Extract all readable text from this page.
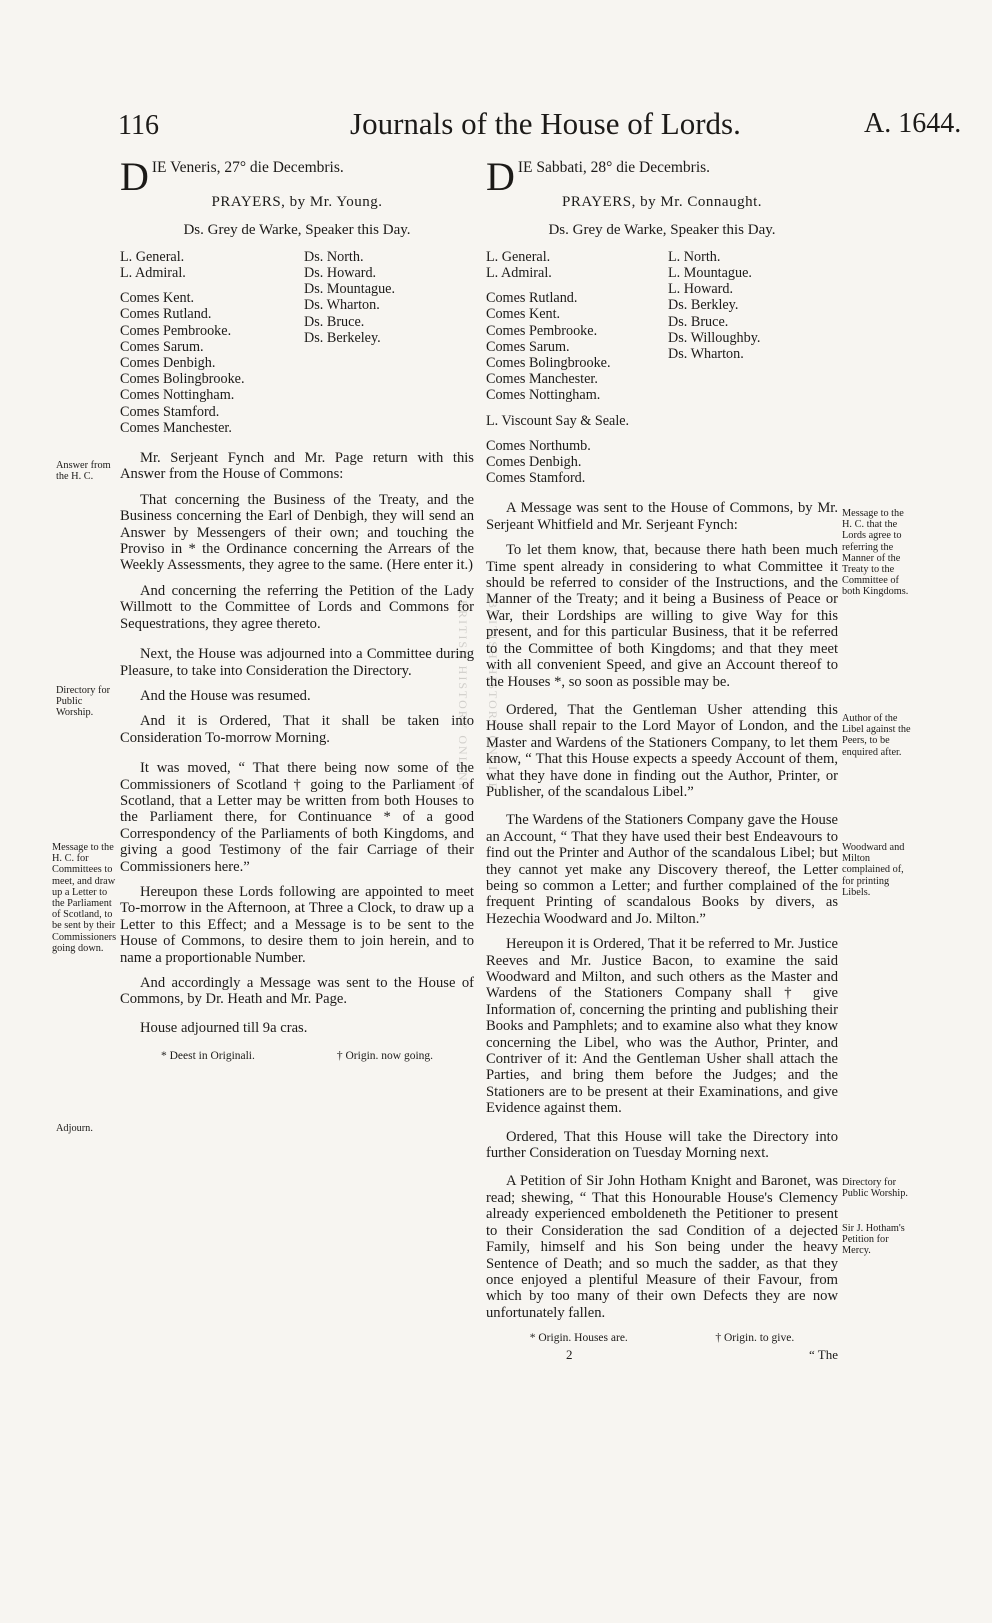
116	Journals of the House of Lords.	A. 1644.
BRITISH HISTORY ONLINE BRITISH HISTORY ONLINE
D IE Veneris, 27° die Decembris.
PRAYERS, by Mr. Young.
Ds. Grey de Warke, Speaker this Day.
L. General.
L. Admiral.
Comes Kent.
Comes Rutland.
Comes Pembrooke.
Comes Sarum.
Comes Denbigh.
Comes Bolingbrooke.
Comes Nottingham.
Comes Stamford.
Comes Manchester.
Ds. North.
Ds. Howard.
Ds. Mountague.
Ds. Wharton.
Ds. Bruce.
Ds. Berkeley.

Mr. Serjeant Fynch and Mr. Page return with this Answer from the House of Commons:

That concerning the Business of the Treaty, and the Business concerning the Earl of Denbigh, they will send an Answer by Messengers of their own; and touching the Proviso in * the Ordinance concerning the Arrears of the Weekly Assessments, they agree to the same. (Here enter it.)

And concerning the referring the Petition of the Lady Willmott to the Committee of Lords and Commons for Sequestrations, they agree thereto.

Next, the House was adjourned into a Committee during Pleasure, to take into Consideration the Directory.

And the House was resumed.

And it is Ordered, That it shall be taken into Consideration To-morrow Morning.

It was moved, “ That there being now some of the Commissioners of Scotland † going to the Parliament of Scotland, that a Letter may be written from both Houses to the Parliament there, for Continuance * of a good Correspondency of the Parliaments of both Kingdoms, and giving a good Testimony of the fair Carriage of their Commissioners here.”

Hereupon these Lords following are appointed to meet To-morrow in the Afternoon, at Three a Clock, to draw up a Letter to this Effect; and a Message is to be sent to the House of Commons, to desire them to join herein, and to name a proportionable Number.

And accordingly a Message was sent to the House of Commons, by Dr. Heath and Mr. Page.

House adjourned till 9a cras.

* Deest in Originali.	† Origin. now going.
Answer from the H. C.
Directory for Public Worship.
Message to the H. C. for Committees to meet, and draw up a Letter to the Parliament of Scotland, to be sent by their Commissioners going down.
Adjourn.
D IE Sabbati, 28° die Decembris.
PRAYERS, by Mr. Connaught.
Ds. Grey de Warke, Speaker this Day.
L. General.
L. Admiral.
Comes Rutland.
Comes Kent.
Comes Pembrooke.
Comes Sarum.
Comes Bolingbrooke.
Comes Manchester.
Comes Nottingham.
L. Viscount Say & Seale.
Comes Northumb.
Comes Denbigh.
Comes Stamford.
L. North.
L. Mountague.
L. Howard.
Ds. Berkley.
Ds. Bruce.
Ds. Willoughby.
Ds. Wharton.

A Message was sent to the House of Commons, by Mr. Serjeant Whitfield and Mr. Serjeant Fynch:

To let them know, that, because there hath been much Time spent already in considering to what Committee it should be referred to consider of the Instructions, and the Manner of the Treaty; and it being a Business of Peace or War, their Lordships are willing to give Way for this present, and for this particular Business, that it be referred to the Committee of both Kingdoms; and that they meet with all convenient Speed, and give an Account thereof to the Houses *, so soon as possible may be.

Ordered, That the Gentleman Usher attending this House shall repair to the Lord Mayor of London, and the Master and Wardens of the Stationers Company, to let them know, “ That this House expects a speedy Account of them, what they have done in finding out the Author, Printer, or Publisher, of the scandalous Libel.”

The Wardens of the Stationers Company gave the House an Account, “ That they have used their best Endeavours to find out the Printer and Author of the scandalous Libel; but they cannot yet make any Discovery thereof, the Letter being so common a Letter; and further complained of the frequent Printing of scandalous Books by divers, as Hezechia Woodward and Jo. Milton.”

Hereupon it is Ordered, That it be referred to Mr. Justice Reeves and Mr. Justice Bacon, to examine the said Woodward and Milton, and such others as the Master and Wardens of the Stationers Company shall † give Information of, concerning the printing and publishing their Books and Pamphlets; and to examine also what they know concerning the Libel, who was the Author, Printer, and Contriver of it: And the Gentleman Usher shall attach the Parties, and bring them before the Judges; and the Stationers are to be present at their Examinations, and give Evidence against them.

Ordered, That this House will take the Directory into further Consideration on Tuesday Morning next.

A Petition of Sir John Hotham Knight and Baronet, was read; shewing, “ That this Honourable House's Clemency already experienced emboldeneth the Petitioner to present to their Consideration the sad Condition of a dejected Family, himself and his Son being under the heavy Sentence of Death; and so much the sadder, as that they once enjoyed a plentiful Measure of their Favour, from which by too many of their own Defects they are now unfortunately fallen.

* Origin. Houses are.	† Origin. to give.
2	“ The
Message to the H. C. that the Lords agree to referring the Manner of the Treaty to the Committee of both Kingdoms.
Author of the Libel against the Peers, to be enquired after.
Woodward and Milton complained of, for printing Libels.
Directory for Public Worship.
Sir J. Hotham's Petition for Mercy.
